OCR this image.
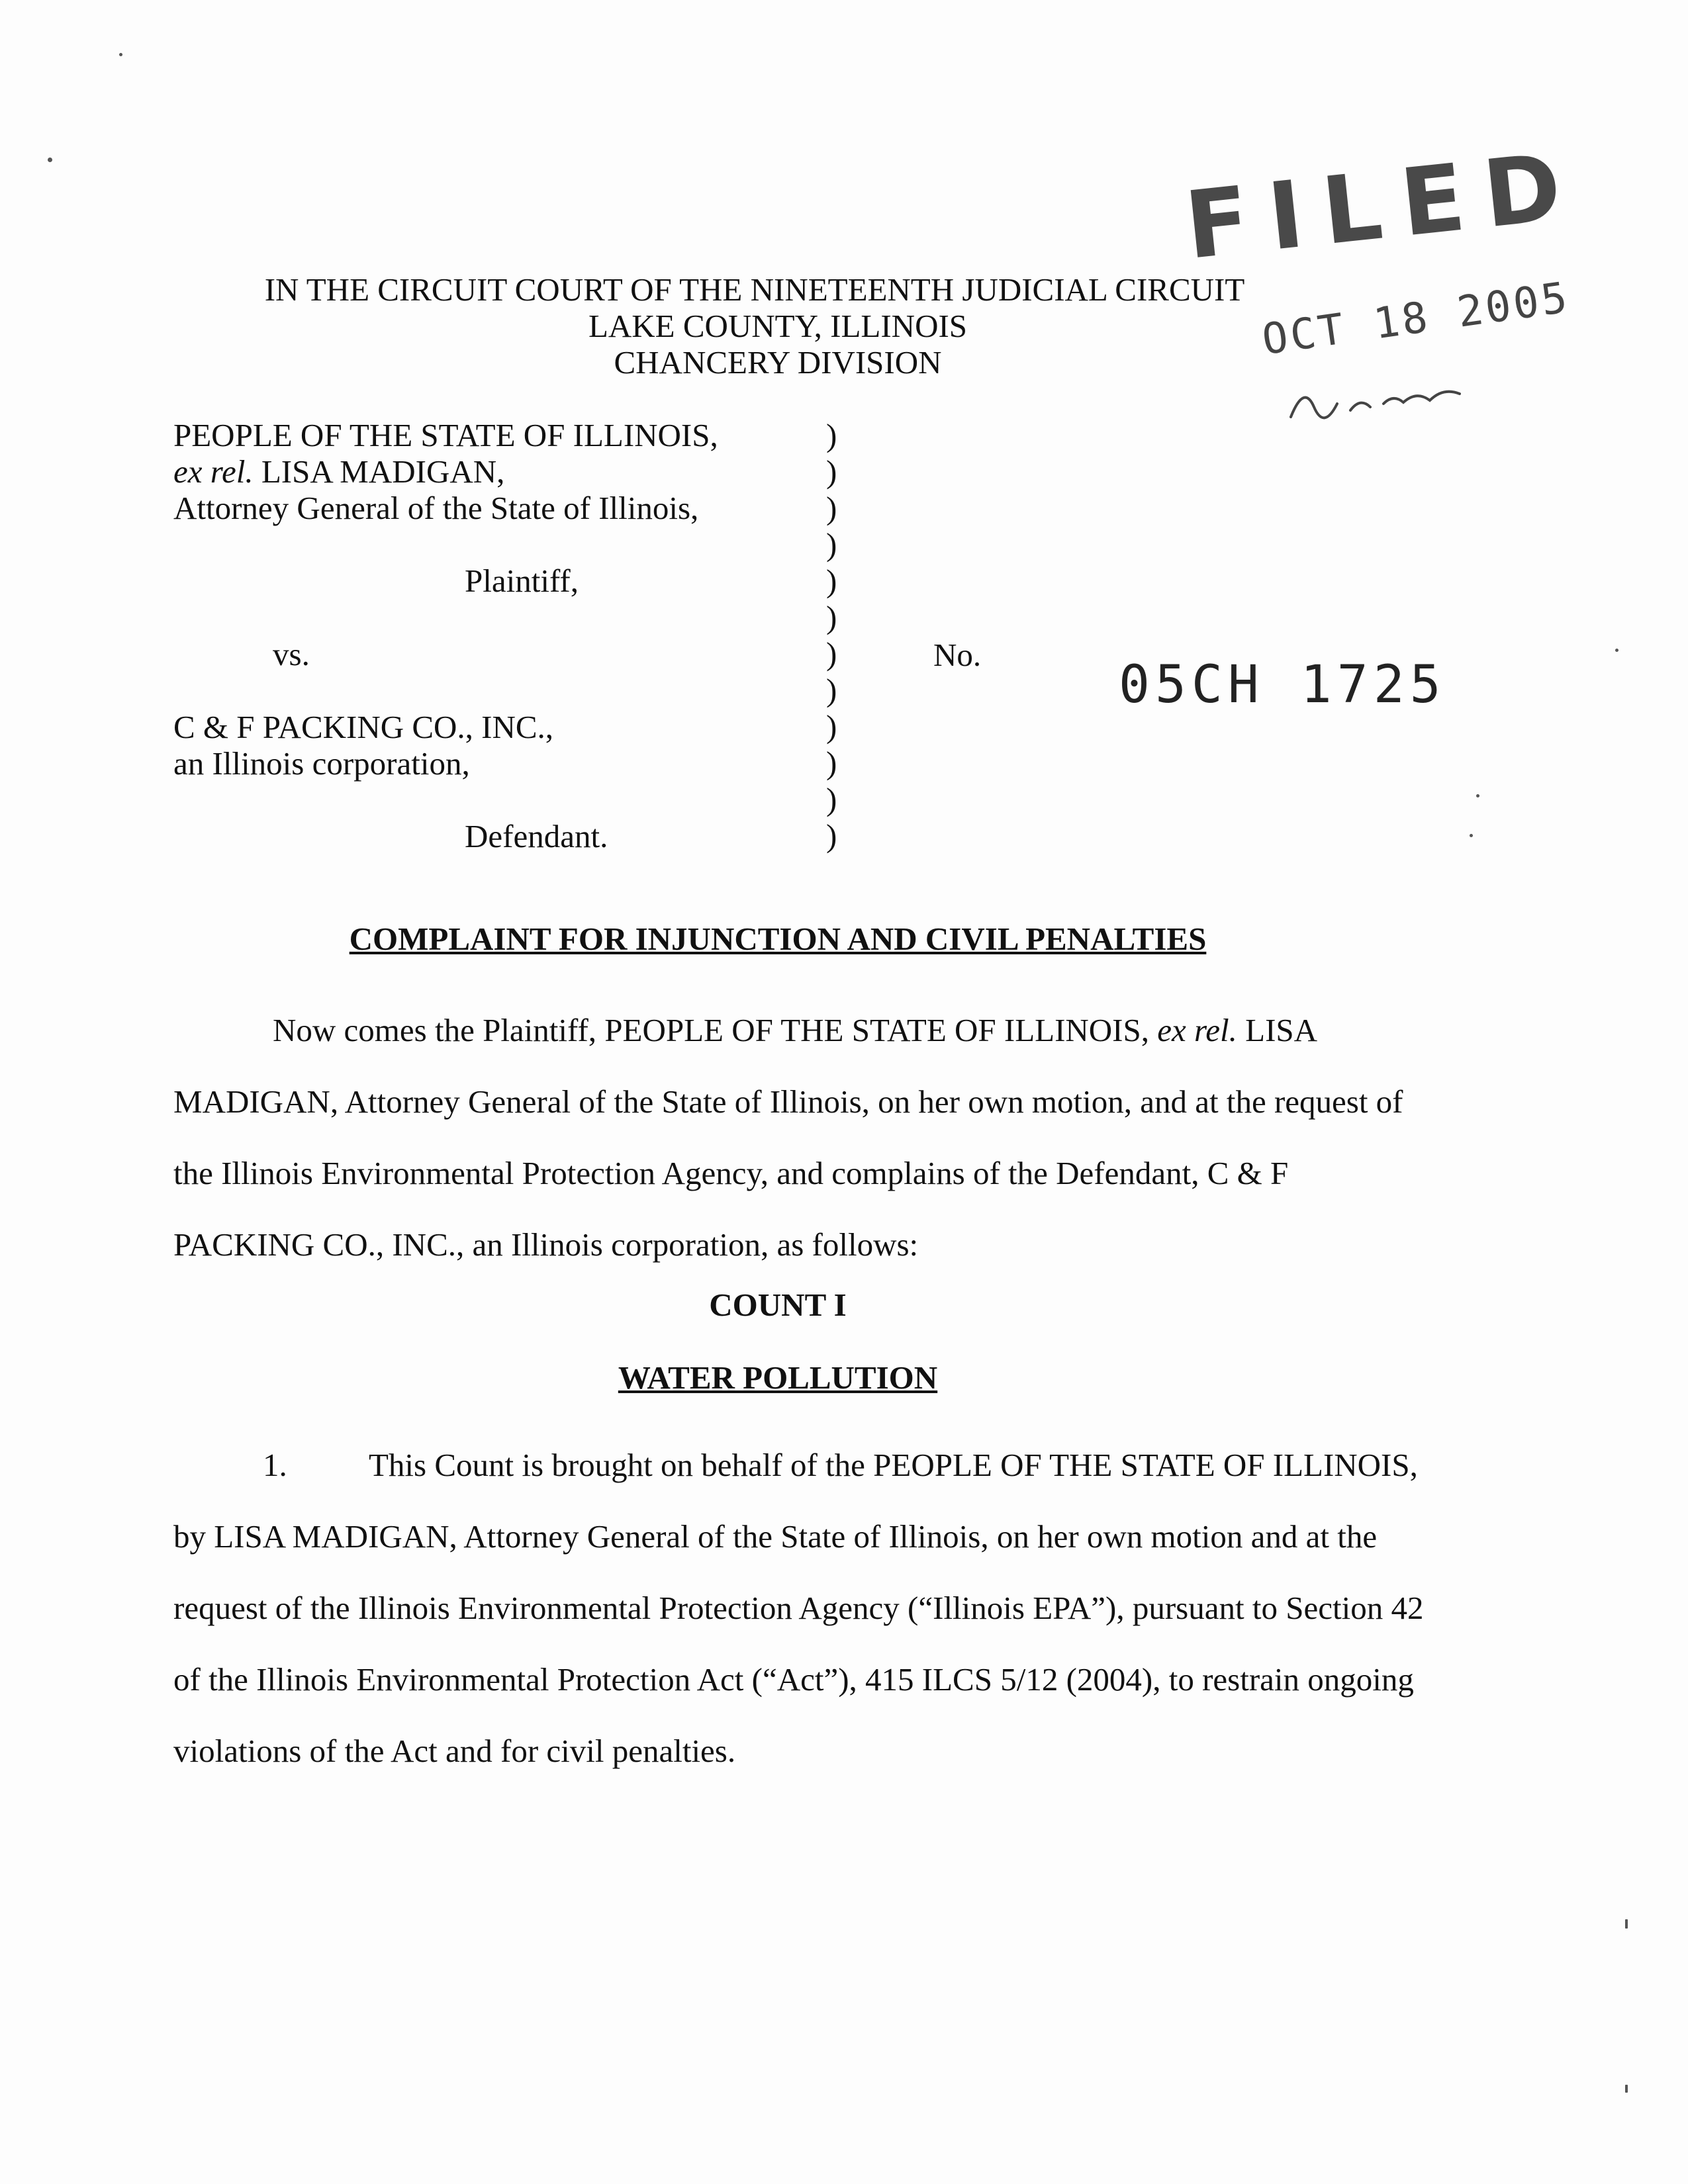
FILED
OCT 18 2005
IN THE CIRCUIT COURT OF THE NINETEENTH JUDICIAL CIRCUIT
LAKE COUNTY, ILLINOIS
CHANCERY DIVISION
PEOPLE OF THE STATE OF ILLINOIS,
ex rel. LISA MADIGAN,
Attorney General of the State of Illinois,
Plaintiff,
vs.
C & F PACKING CO., INC.,
an Illinois corporation,
Defendant.
)
)
)
)
)
)
)
)
)
)
)
)
No.
05CH 1725
COMPLAINT FOR INJUNCTION AND CIVIL PENALTIES
Now comes the Plaintiff, PEOPLE OF THE STATE OF ILLINOIS, ex rel. LISA
MADIGAN, Attorney General of the State of Illinois, on her own motion, and at the request of
the Illinois Environmental Protection Agency, and complains of the Defendant, C & F
PACKING CO., INC., an Illinois corporation, as follows:
COUNT I
WATER POLLUTION
1.	This Count is brought on behalf of the PEOPLE OF THE STATE OF ILLINOIS,
by LISA MADIGAN, Attorney General of the State of Illinois, on her own motion and at the
request of the Illinois Environmental Protection Agency (“Illinois EPA”), pursuant to Section 42
of the Illinois Environmental Protection Act (“Act”), 415 ILCS 5/12 (2004), to restrain ongoing
violations of the Act and for civil penalties.
